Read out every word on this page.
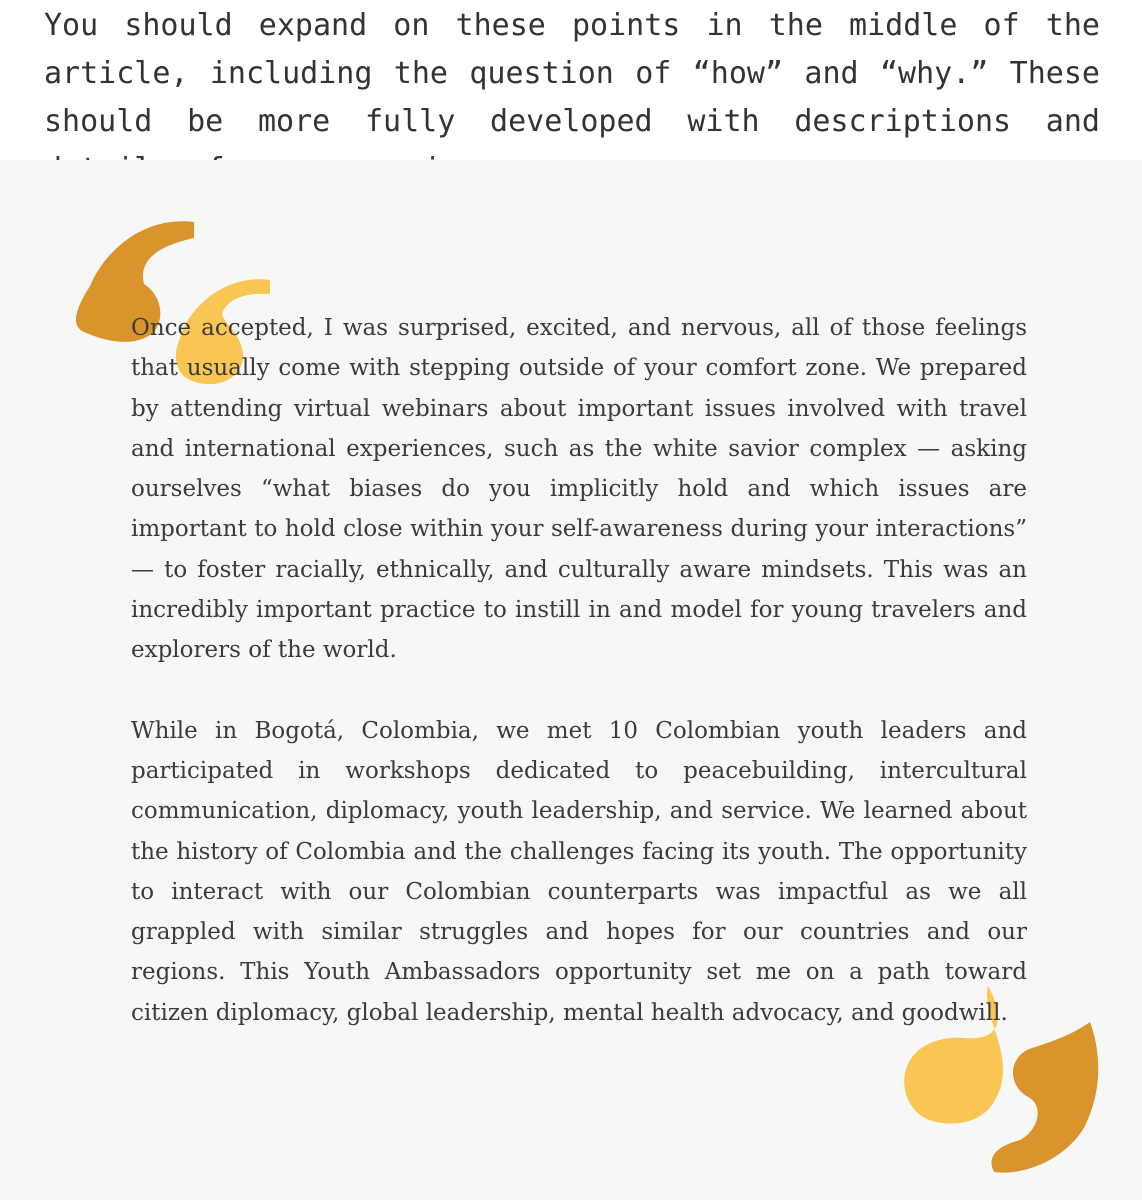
You should expand on these points in the middle of the article, including the question of “how” and “why.” These should be more fully developed with descriptions and

Once accepted, I was surprised, excited, and nervous, all of those feelings that usually come with stepping outside of your comfort zone. We prepared by attending virtual webinars about important issues involved with travel and international experiences, such as the white savior complex — asking ourselves “what biases do you implicitly hold and which issues are important to hold close within your self-awareness during your interactions” — to foster racially, ethnically, and culturally aware mindsets. This was an incredibly important practice to instill in and model for young travelers and explorers of the world.

While in Bogotá, Colombia, we met 10 Colombian youth leaders and participated in workshops dedicated to peacebuilding, intercultural communication, diplomacy, youth leadership, and service. We learned about the history of Colombia and the challenges facing its youth. The opportunity to interact with our Colombian counterparts was impactful as we all grappled with similar struggles and hopes for our countries and our regions. This Youth Ambassadors opportunity set me on a path toward citizen diplomacy, global leadership, mental health advocacy, and goodwill.
